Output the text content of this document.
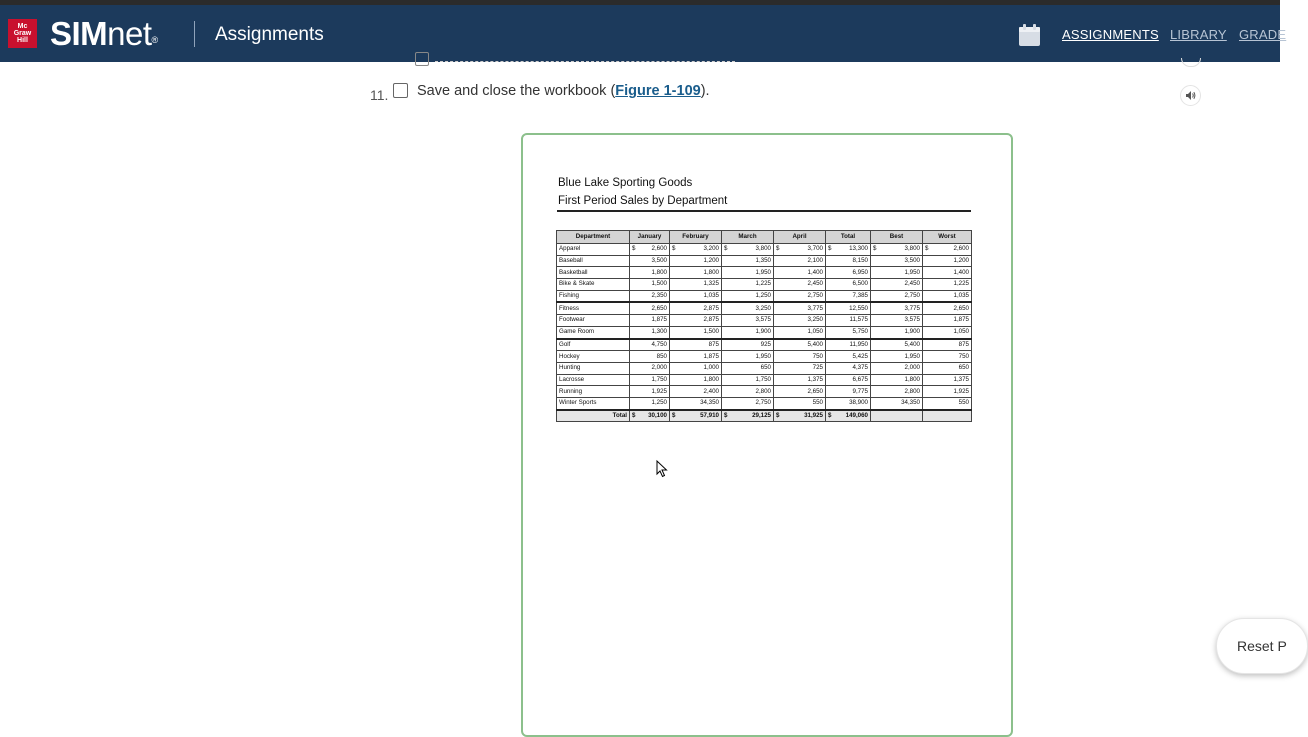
Mc
Graw
Hill SIMnet®	Assignments	ASSIGNMENTS LIBRARY GRADE
11. Save and close the workbook (Figure 1-109).
Blue Lake Sporting Goods
First Period Sales by Department
Department	January	February	March	April	Total	Best	Worst
Apparel	$ 2,600	$ 3,200	$ 3,800	$ 3,700	$ 13,300	$ 3,800	$ 2,600
Baseball	3,500	1,200	1,350	2,100	8,150	3,500	1,200
Basketball	1,800	1,800	1,950	1,400	6,950	1,950	1,400
Bike & Skate	1,500	1,325	1,225	2,450	6,500	2,450	1,225
Fishing	2,350	1,035	1,250	2,750	7,385	2,750	1,035
Fitness	2,650	2,875	3,250	3,775	12,550	3,775	2,650
Footwear	1,875	2,875	3,575	3,250	11,575	3,575	1,875
Game Room	1,300	1,500	1,900	1,050	5,750	1,900	1,050
Golf	4,750	875	925	5,400	11,950	5,400	875
Hockey	850	1,875	1,950	750	5,425	1,950	750
Hunting	2,000	1,000	650	725	4,375	2,000	650
Lacrosse	1,750	1,800	1,750	1,375	6,675	1,800	1,375
Running	1,925	2,400	2,800	2,650	9,775	2,800	1,925
Winter Sports	1,250	34,350	2,750	550	38,900	34,350	550
Total	$ 30,100	$ 57,910	$ 29,125	$ 31,925	$ 149,060		
Reset P
